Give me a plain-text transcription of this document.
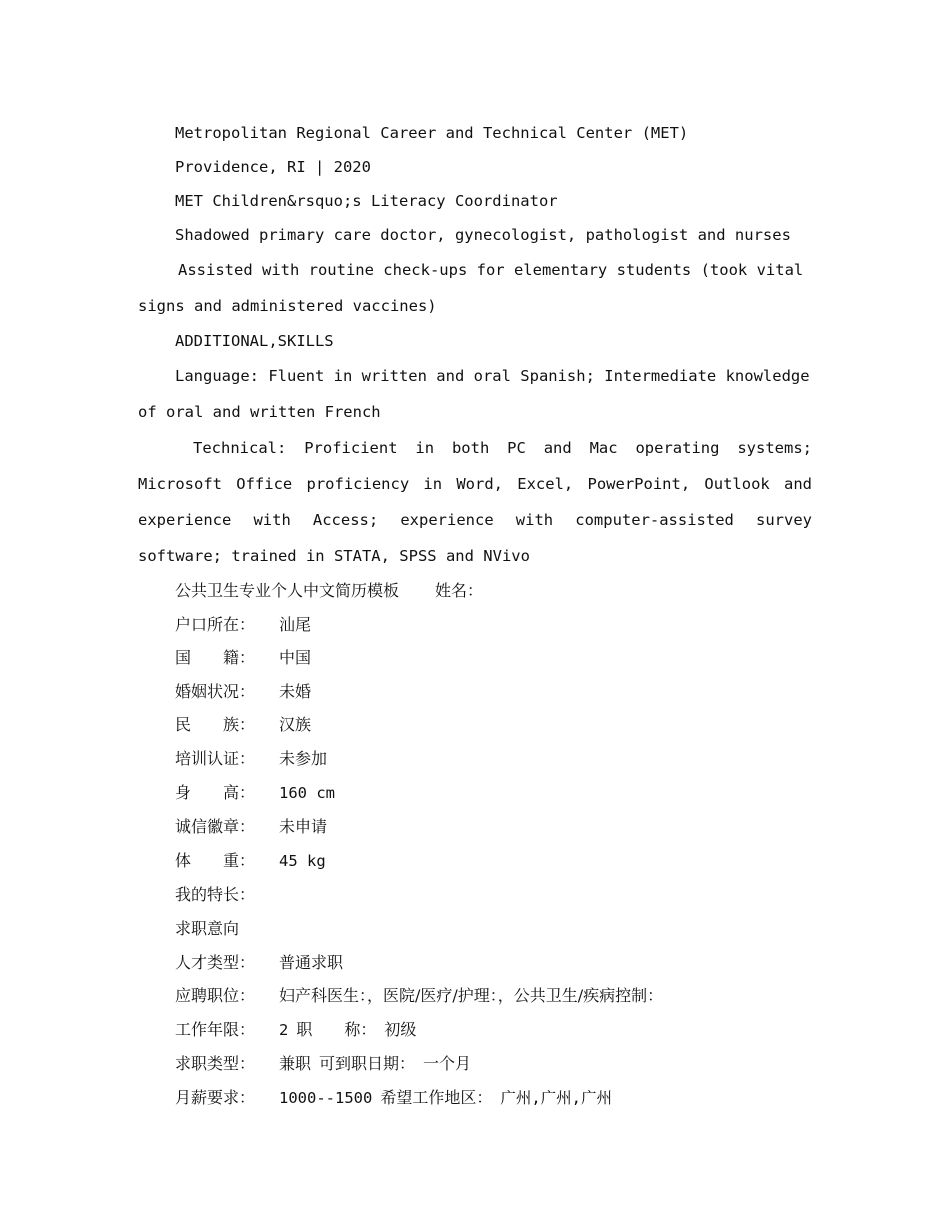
Metropolitan Regional Career and Technical Center (MET)

Providence, RI | 2020

MET Children&rsquo;s Literacy Coordinator

Shadowed primary care doctor, gynecologist, pathologist and nurses

Assisted with routine check-ups for elementary students (took vital signs and administered vaccines)

ADDITIONAL,SKILLS

Language: Fluent in written and oral Spanish; Intermediate knowledge of oral and written French

Technical: Proficient in both PC and Mac operating systems; Microsoft Office proficiency in Word, Excel, PowerPoint, Outlook and experience with Access; experience with computer-assisted survey software; trained in STATA, SPSS and NVivo

公共卫生专业个人中文简历模板 姓名：

户口所在： 汕尾

国　　籍： 中国

婚姻状况： 未婚

民　　族： 汉族

培训认证： 未参加

身　　高： 160 cm

诚信徽章： 未申请

体　　重： 45 kg

我的特长：

求职意向

人才类型： 普通求职

应聘职位： 妇产科医生：，医院/医疗/护理：，公共卫生/疾病控制：

工作年限： 2 职　　称： 初级

求职类型： 兼职 可到职日期： 一个月

月薪要求： 1000--1500 希望工作地区： 广州,广州,广州
